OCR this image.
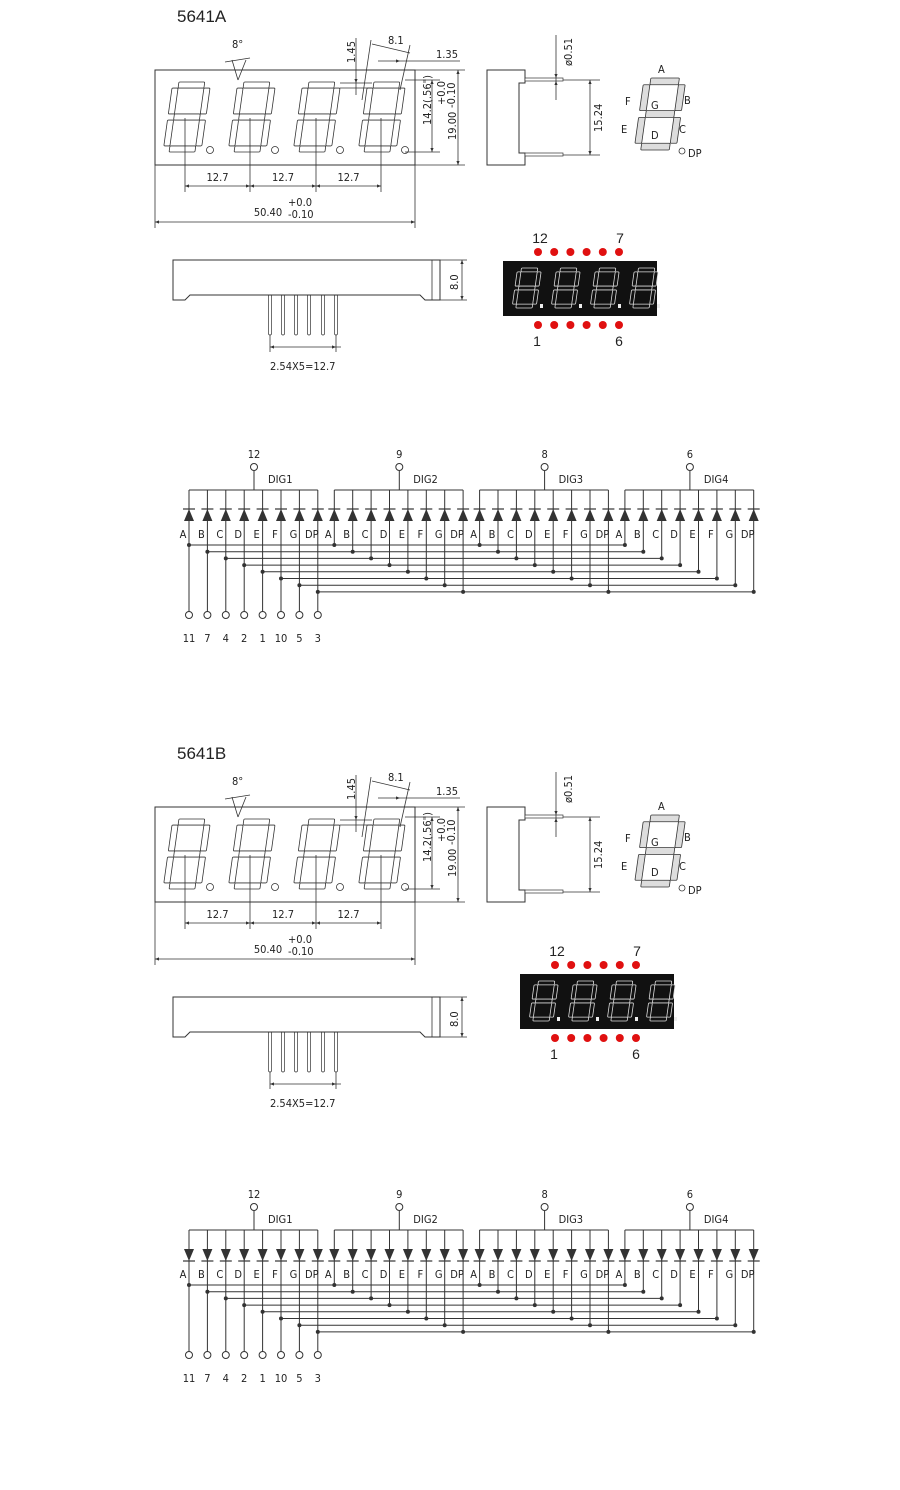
5641A
12.7	12.7	12.7
50.40
+0.0
-0.10
14.2(.56") +0.0
-0.10
19.00
8°	1.45
8.1
1.35	ø0.51
15.24
A
B
F G
E D C
DP
8.0
2.54X5=12.7
12	7
1	6
12
DIG1
A B C D E F G DP
9
DIG2
A B C D E F G DP
8
DIG3
A B C D E F G DP
6
DIG4
A B C D E F G DP
11 7 4 2 1 10 5 3
5641B
12.7	12.7	12.7
50.40
+0.0
-0.10
14.2(.56") +0.0
-0.10
19.00
8°	1.45
8.1
1.35	ø0.51
15.24
A
B
F G
E D C
DP
8.0
2.54X5=12.7
12	7
1	6
12
DIG1
A B C D E F G DP
9
DIG2
A B C D E F G DP
8
DIG3
A B C D E F G DP
6
DIG4
A B C D E F G DP
11 7 4 2 1 10 5 3
